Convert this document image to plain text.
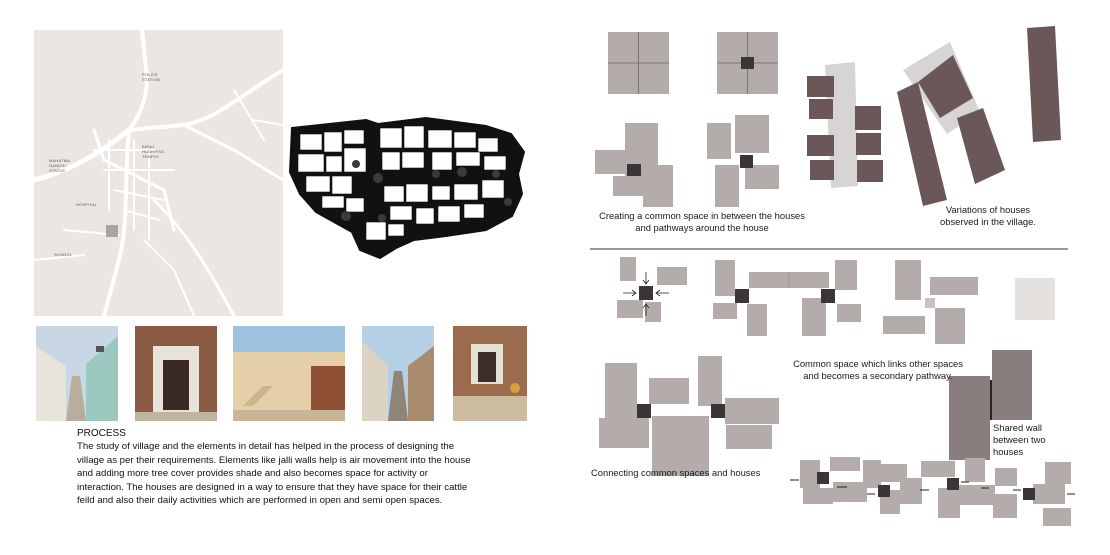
POLICE STATION
BIRAJ HUDHIYSA TEMPLE
MAHATMA GANDHI STATUE
HOSPITAL
SCHOOL
PROCESS
The study of village and the elements in detail has helped in the process of designing the village as per their requirements. Elements like jalli walls help is air movement into the house and adding more tree cover provides shade and also becomes space for activity or interaction. The houses are designed in a way to ensure that they have space for their cattle feild and also their daily activities which are performed in open and semi open spaces.
Creating a common space in between the houses and pathways around the house
Variations of houses observed in the village.
Common space which links other spaces and becomes a secondary pathway.
Connecting common spaces and houses
Shared wall between two houses
